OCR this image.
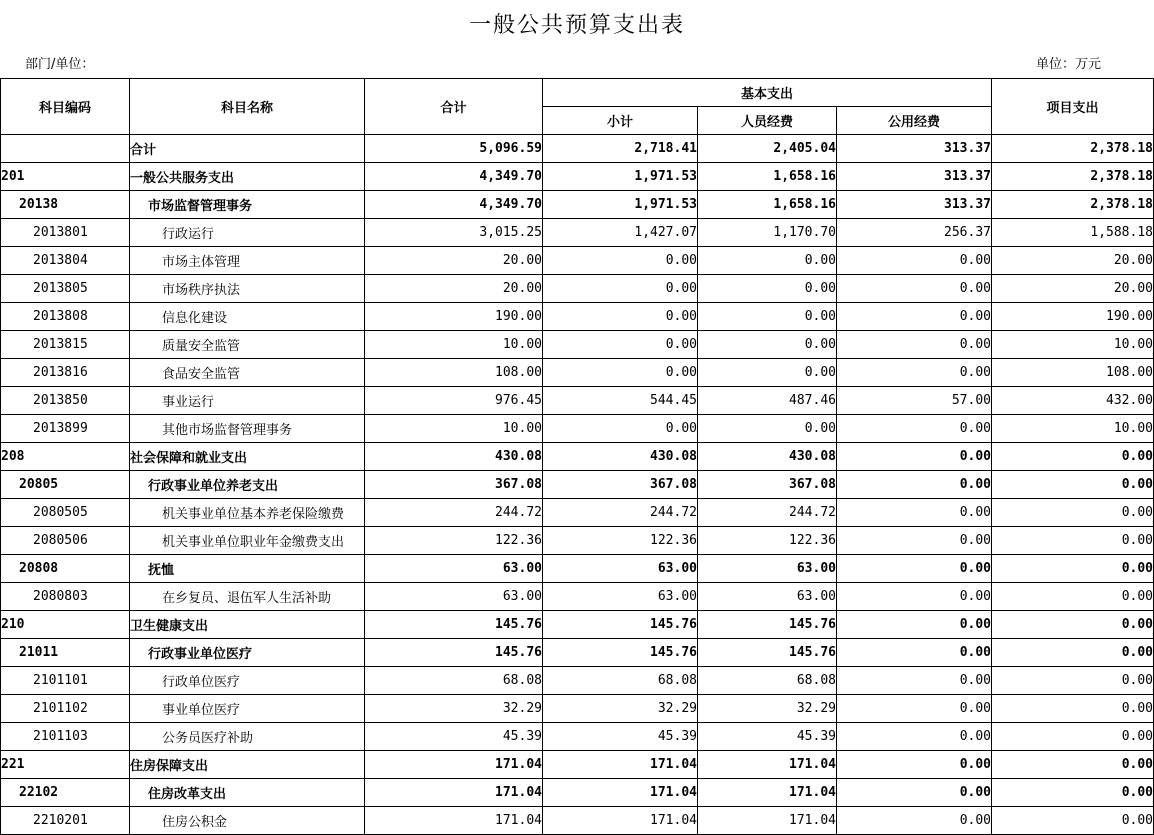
一般公共预算支出表
部门/单位：	单位：万元
科目编码	科目名称	合计	基本支出			项目支出
			小计	人员经费	公用经费	
	合计	5,096.59	2,718.41	2,405.04	313.37	2,378.18
201	一般公共服务支出	4,349.70	1,971.53	1,658.16	313.37	2,378.18
20138	市场监督管理事务	4,349.70	1,971.53	1,658.16	313.37	2,378.18
2013801	行政运行	3,015.25	1,427.07	1,170.70	256.37	1,588.18
2013804	市场主体管理	20.00	0.00	0.00	0.00	20.00
2013805	市场秩序执法	20.00	0.00	0.00	0.00	20.00
2013808	信息化建设	190.00	0.00	0.00	0.00	190.00
2013815	质量安全监管	10.00	0.00	0.00	0.00	10.00
2013816	食品安全监管	108.00	0.00	0.00	0.00	108.00
2013850	事业运行	976.45	544.45	487.46	57.00	432.00
2013899	其他市场监督管理事务	10.00	0.00	0.00	0.00	10.00
208	社会保障和就业支出	430.08	430.08	430.08	0.00	0.00
20805	行政事业单位养老支出	367.08	367.08	367.08	0.00	0.00
2080505	机关事业单位基本养老保险缴费	244.72	244.72	244.72	0.00	0.00
2080506	机关事业单位职业年金缴费支出	122.36	122.36	122.36	0.00	0.00
20808	抚恤	63.00	63.00	63.00	0.00	0.00
2080803	在乡复员、退伍军人生活补助	63.00	63.00	63.00	0.00	0.00
210	卫生健康支出	145.76	145.76	145.76	0.00	0.00
21011	行政事业单位医疗	145.76	145.76	145.76	0.00	0.00
2101101	行政单位医疗	68.08	68.08	68.08	0.00	0.00
2101102	事业单位医疗	32.29	32.29	32.29	0.00	0.00
2101103	公务员医疗补助	45.39	45.39	45.39	0.00	0.00
221	住房保障支出	171.04	171.04	171.04	0.00	0.00
22102	住房改革支出	171.04	171.04	171.04	0.00	0.00
2210201	住房公积金	171.04	171.04	171.04	0.00	0.00
